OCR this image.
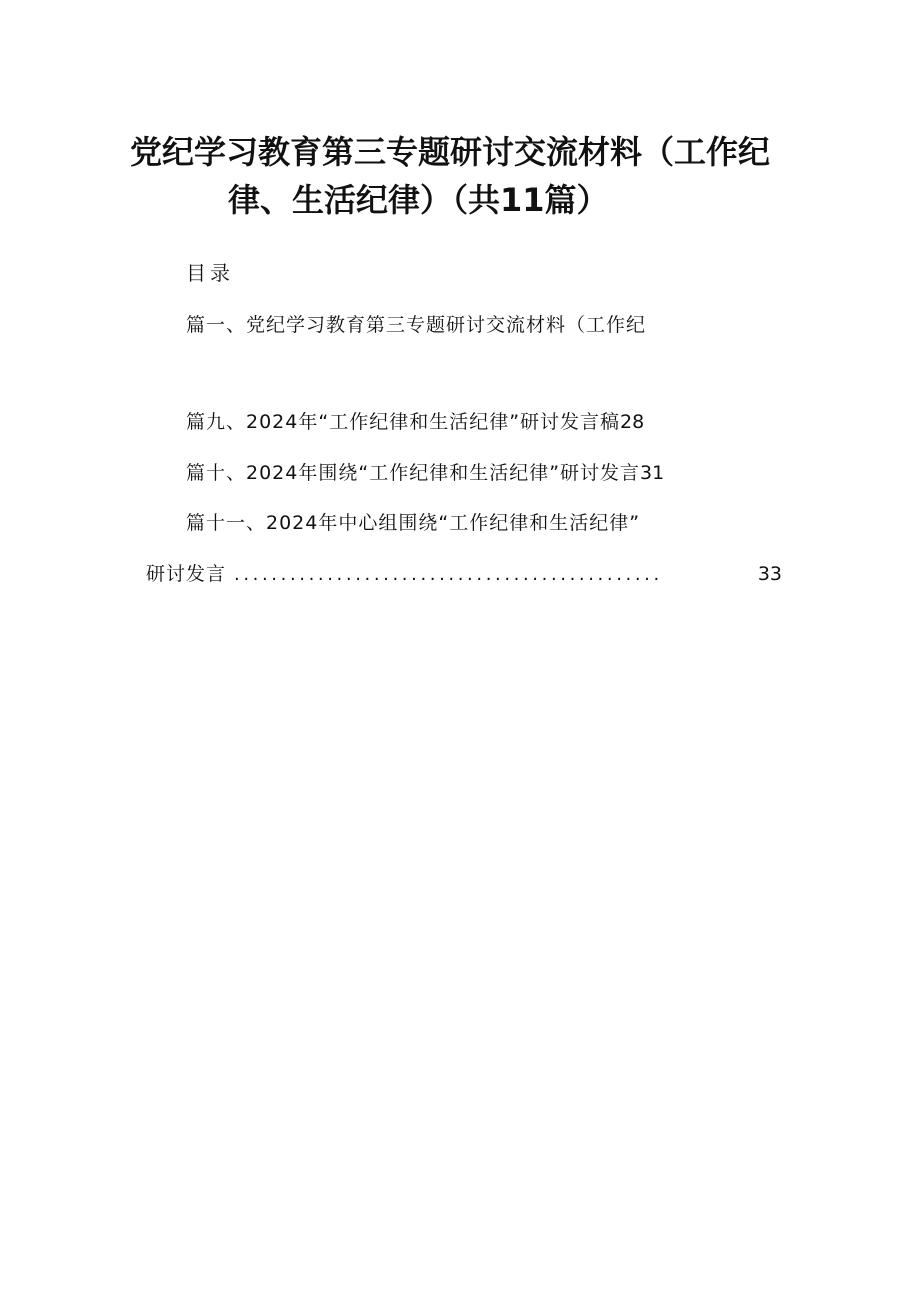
党纪学习教育第三专题研讨交流材料（工作纪
律、生活纪律）（共11篇）
目录
篇一、党纪学习教育第三专题研讨交流材料（工作纪
篇九、2024年“工作纪律和生活纪律”研讨发言稿28
篇十、2024年围绕“工作纪律和生活纪律”研讨发言31
篇十一、2024年中心组围绕“工作纪律和生活纪律”
研讨发言 ..............................................	33
